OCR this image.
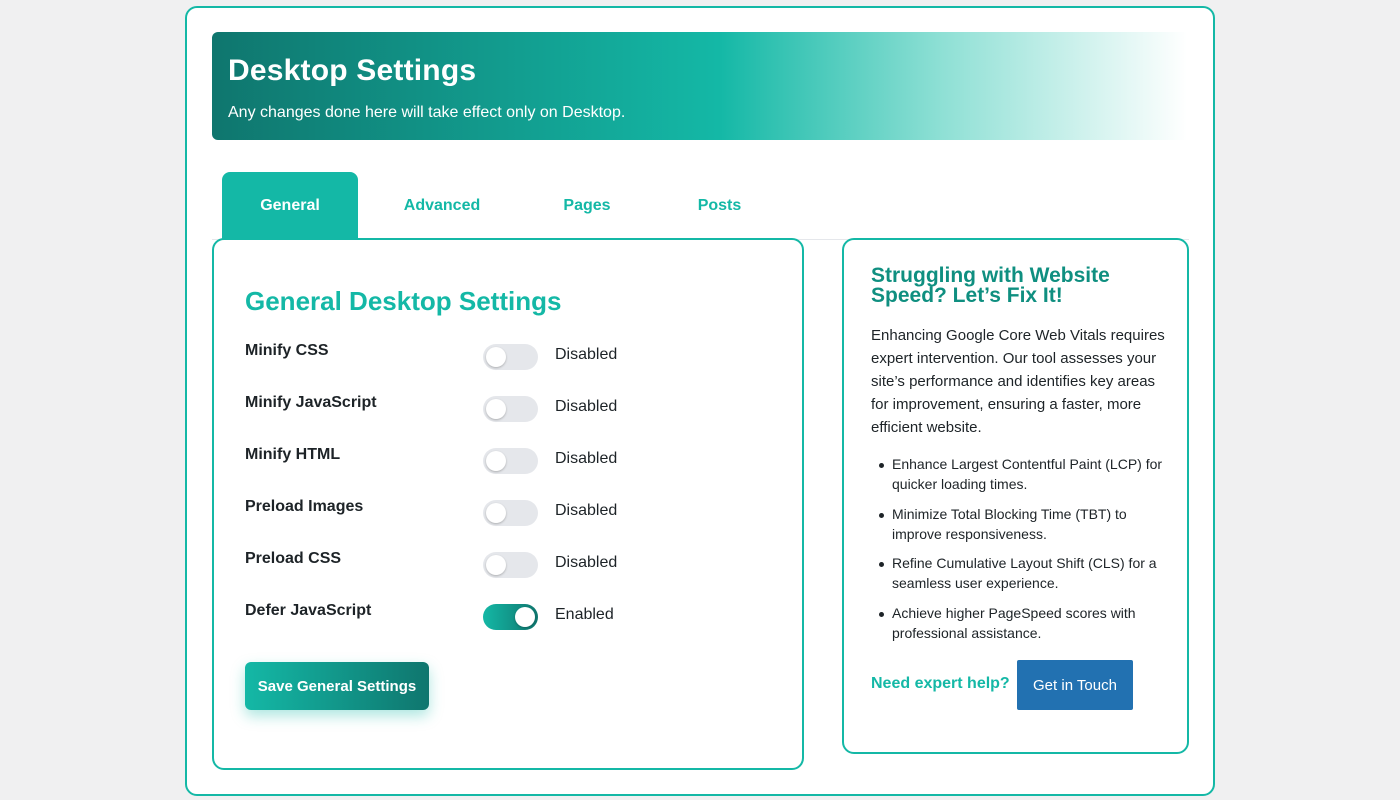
Desktop Settings

Any changes done here will take effect only on Desktop.

General	Advanced	Pages	Posts
General Desktop Settings
Minify CSS	Disabled
Minify JavaScript	Disabled
Minify HTML	Disabled
Preload Images	Disabled
Preload CSS	Disabled
Defer JavaScript	Enabled
Save General Settings
Struggling with Website Speed? Let’s Fix It!

Enhancing Google Core Web Vitals requires expert intervention. Our tool assesses your site’s performance and identifies key areas for improvement, ensuring a faster, more efficient website.

Enhance Largest Contentful Paint (LCP) for quicker loading times.
Minimize Total Blocking Time (TBT) to improve responsiveness.
Refine Cumulative Layout Shift (CLS) for a seamless user experience.
Achieve higher PageSpeed scores with professional assistance.
Need expert help?	Get in Touch
